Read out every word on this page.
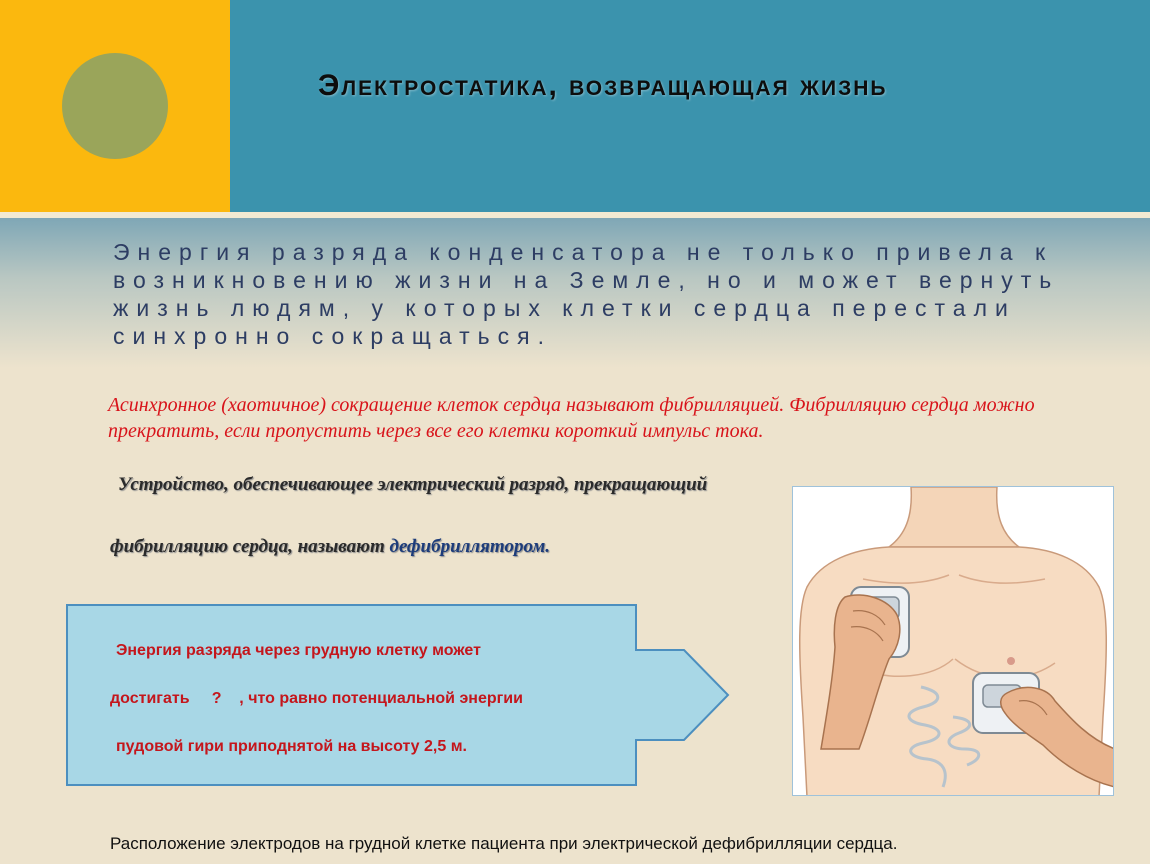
Электростатика, возвращающая жизнь

Энергия разряда конденсатора не только привела к возникновению жизни на Земле, но и может вернуть жизнь людям, у которых клетки сердца перестали синхронно сокращаться.

Асинхронное (хаотичное) сокращение клеток сердца называют фибрилляцией. Фибрилляцию сердца можно прекратить, если пропустить через все его клетки короткий импульс тока.

Устройство, обеспечивающее электрический разряд, прекращающий
фибрилляцию сердца, называют дефибриллятором.
Энергия разряда через грудную клетку может
достигать     ?    , что равно потенциальной энергии
пудовой гири приподнятой на высоту 2,5 м.
Расположение электродов на грудной клетке пациента при электрической дефибрилляции сердца.
